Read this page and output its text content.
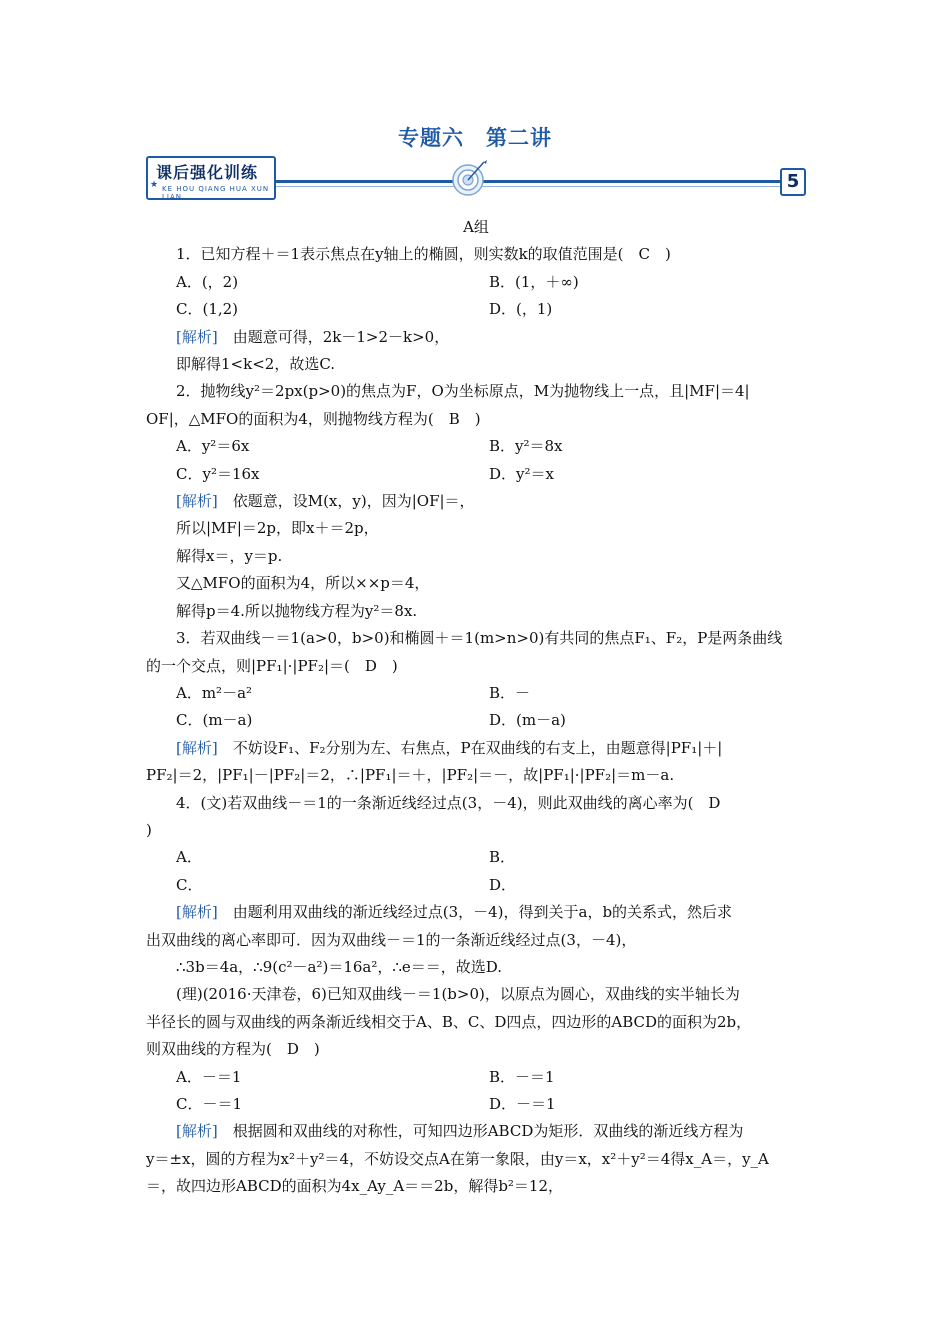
专题六　第二讲
课后强化训练
★ KE HOU QIANG HUA XUN LIAN
5

A组

1．已知方程＋＝1表示焦点在y轴上的椭圆，则实数k的取值范围是(　C　)

A．(，2)	B．(1，＋∞)
C．(1,2)	D．(，1)

[解析]　由题意可得，2k－1>2－k>0，

即解得1<k<2，故选C.

2．抛物线y²＝2px(p>0)的焦点为F，O为坐标原点，M为抛物线上一点，且|MF|＝4|

OF|，△MFO的面积为4，则抛物线方程为(　B　)

A．y²＝6x	B．y²＝8x
C．y²＝16x	D．y²＝x

[解析]　依题意，设M(x，y)，因为|OF|＝，

所以|MF|＝2p，即x＋＝2p，

解得x＝，y＝p.

又△MFO的面积为4，所以××p＝4，

解得p＝4.所以抛物线方程为y²＝8x.

3．若双曲线－＝1(a>0，b>0)和椭圆＋＝1(m>n>0)有共同的焦点F₁、F₂，P是两条曲线

的一个交点，则|PF₁|·|PF₂|＝(　D　)

A．m²－a²	B．－
C．(m－a)	D．(m－a)

[解析]　不妨设F₁、F₂分别为左、右焦点，P在双曲线的右支上，由题意得|PF₁|＋|

PF₂|＝2，|PF₁|－|PF₂|＝2，∴|PF₁|＝＋，|PF₂|＝－，故|PF₁|·|PF₂|＝m－a.

4．(文)若双曲线－＝1的一条渐近线经过点(3，－4)，则此双曲线的离心率为(　D

)

A．	B．
C．	D．

[解析]　由题利用双曲线的渐近线经过点(3，－4)，得到关于a，b的关系式，然后求

出双曲线的离心率即可．因为双曲线－＝1的一条渐近线经过点(3，－4)，

∴3b＝4a，∴9(c²－a²)＝16a²，∴e＝＝，故选D.

(理)(2016·天津卷，6)已知双曲线－＝1(b>0)，以原点为圆心，双曲线的实半轴长为

半径长的圆与双曲线的两条渐近线相交于A、B、C、D四点，四边形的ABCD的面积为2b，

则双曲线的方程为(　D　)

A．－＝1	B．－＝1
C．－＝1	D．－＝1

[解析]　根据圆和双曲线的对称性，可知四边形ABCD为矩形．双曲线的渐近线方程为

y＝±x，圆的方程为x²＋y²＝4，不妨设交点A在第一象限，由y＝x，x²＋y²＝4得x_A＝，y_A

＝，故四边形ABCD的面积为4x_Ay_A＝＝2b，解得b²＝12，
